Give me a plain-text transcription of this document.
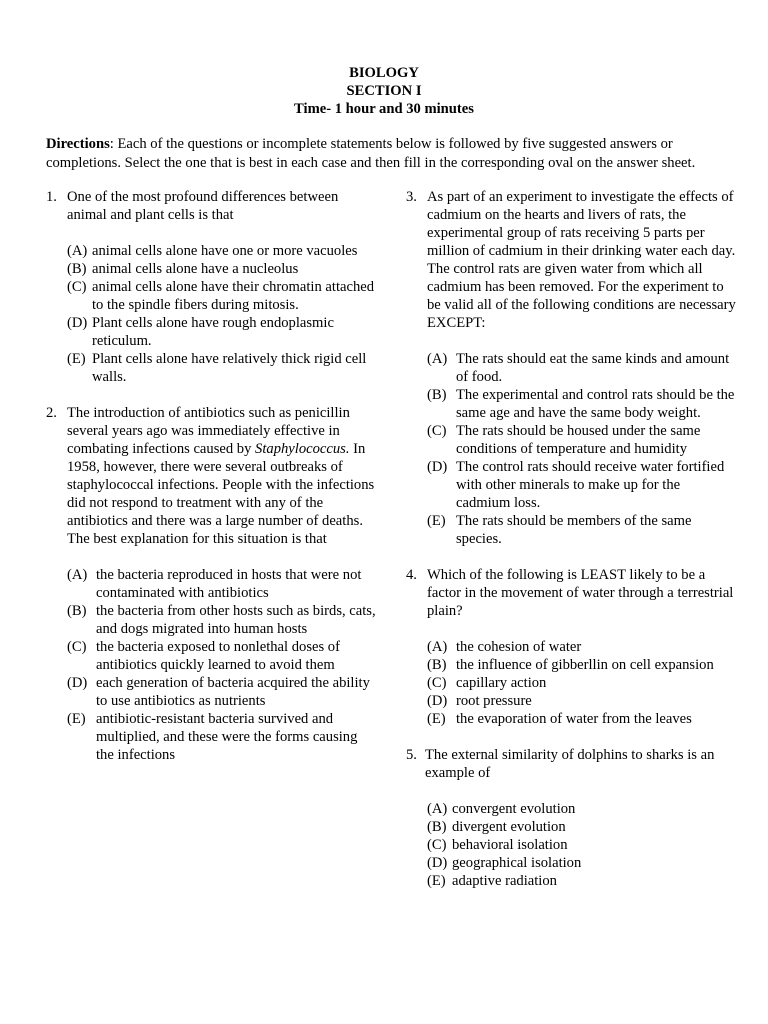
BIOLOGY
SECTION I
Time- 1 hour and 30 minutes
Directions: Each of the questions or incomplete statements below is followed by five suggested answers or completions. Select the one that is best in each case and then fill in the corresponding oval on the answer sheet.
1. One of the most profound differences between animal and plant cells is that

(A) animal cells alone have one or more vacuoles
(B) animal cells alone have a nucleolus
(C) animal cells alone have their chromatin attached to the spindle fibers during mitosis.
(D) Plant cells alone have rough endoplasmic reticulum.
(E) Plant cells alone have relatively thick rigid cell walls.
2. The introduction of antibiotics such as penicillin several years ago was immediately effective in combating infections caused by Staphylococcus. In 1958, however, there were several outbreaks of staphylococcal infections. People with the infections did not respond to treatment with any of the antibiotics and there was a large number of deaths. The best explanation for this situation is that

(A) the bacteria reproduced in hosts that were not contaminated with antibiotics
(B) the bacteria from other hosts such as birds, cats, and dogs migrated into human hosts
(C) the bacteria exposed to nonlethal doses of antibiotics quickly learned to avoid them
(D) each generation of bacteria acquired the ability to use antibiotics as nutrients
(E) antibiotic-resistant bacteria survived and multiplied, and these were the forms causing the infections
3. As part of an experiment to investigate the effects of cadmium on the hearts and livers of rats, the experimental group of rats receiving 5 parts per million of cadmium in their drinking water each day. The control rats are given water from which all cadmium has been removed. For the experiment to be valid all of the following conditions are necessary EXCEPT:

(A) The rats should eat the same kinds and amount of food.
(B) The experimental and control rats should be the same age and have the same body weight.
(C) The rats should be housed under the same conditions of temperature and humidity
(D) The control rats should receive water fortified with other minerals to make up for the cadmium loss.
(E) The rats should be members of the same species.
4. Which of the following is LEAST likely to be a factor in the movement of water through a terrestrial plain?

(A) the cohesion of water
(B) the influence of gibberllin on cell expansion
(C) capillary action
(D) root pressure
(E) the evaporation of water from the leaves
5. The external similarity of dolphins to sharks is an example of

(A) convergent evolution
(B) divergent evolution
(C) behavioral isolation
(D) geographical isolation
(E) adaptive radiation
